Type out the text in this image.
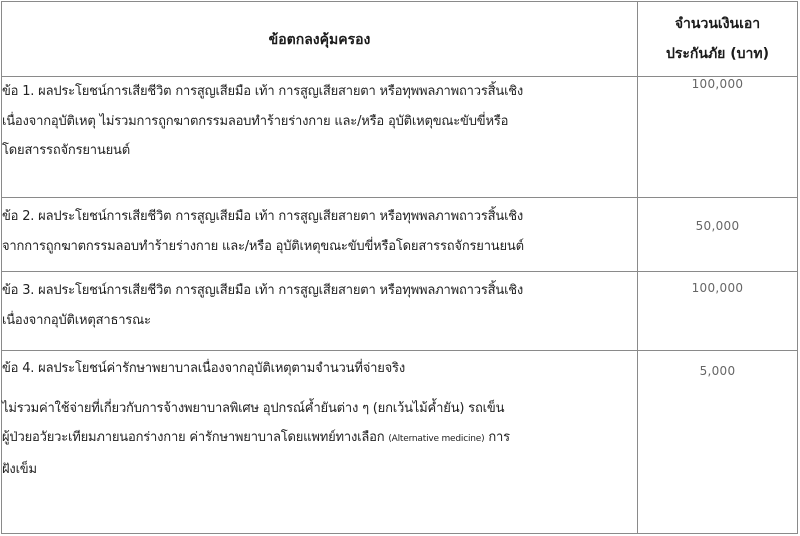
ข้อตกลงคุ้มครอง	จำนวนเงินเอา
ประกันภัย (บาท)

ข้อ 1. ผลประโยชน์การเสียชีวิต การสูญเสียมือ เท้า การสูญเสียสายตา หรือทุพพลภาพถาวรสิ้นเชิง
เนื่องจากอุบัติเหตุ ไม่รวมการถูกฆาตกรรมลอบทำร้ายร่างกาย และ/หรือ อุบัติเหตุขณะขับขี่หรือ
โดยสารรถจักรยานยนต์	100,000

ข้อ 2. ผลประโยชน์การเสียชีวิต การสูญเสียมือ เท้า การสูญเสียสายตา หรือทุพพลภาพถาวรสิ้นเชิง
จากการถูกฆาตกรรมลอบทำร้ายร่างกาย และ/หรือ อุบัติเหตุขณะขับขี่หรือโดยสารรถจักรยานยนต์	50,000

ข้อ 3. ผลประโยชน์การเสียชีวิต การสูญเสียมือ เท้า การสูญเสียสายตา หรือทุพพลภาพถาวรสิ้นเชิง
เนื่องจากอุบัติเหตุสาธารณะ	100,000

ข้อ 4. ผลประโยชน์ค่ารักษาพยาบาลเนื่องจากอุบัติเหตุตามจำนวนที่จ่ายจริง
ไม่รวมค่าใช้จ่ายที่เกี่ยวกับการจ้างพยาบาลพิเศษ อุปกรณ์ค้ำยันต่าง ๆ (ยกเว้นไม้ค้ำยัน) รถเข็น
ผู้ป่วยอวัยวะเทียมภายนอกร่างกาย ค่ารักษาพยาบาลโดยแพทย์ทางเลือก (Alternative medicine) การ
ฝังเข็ม	5,000
